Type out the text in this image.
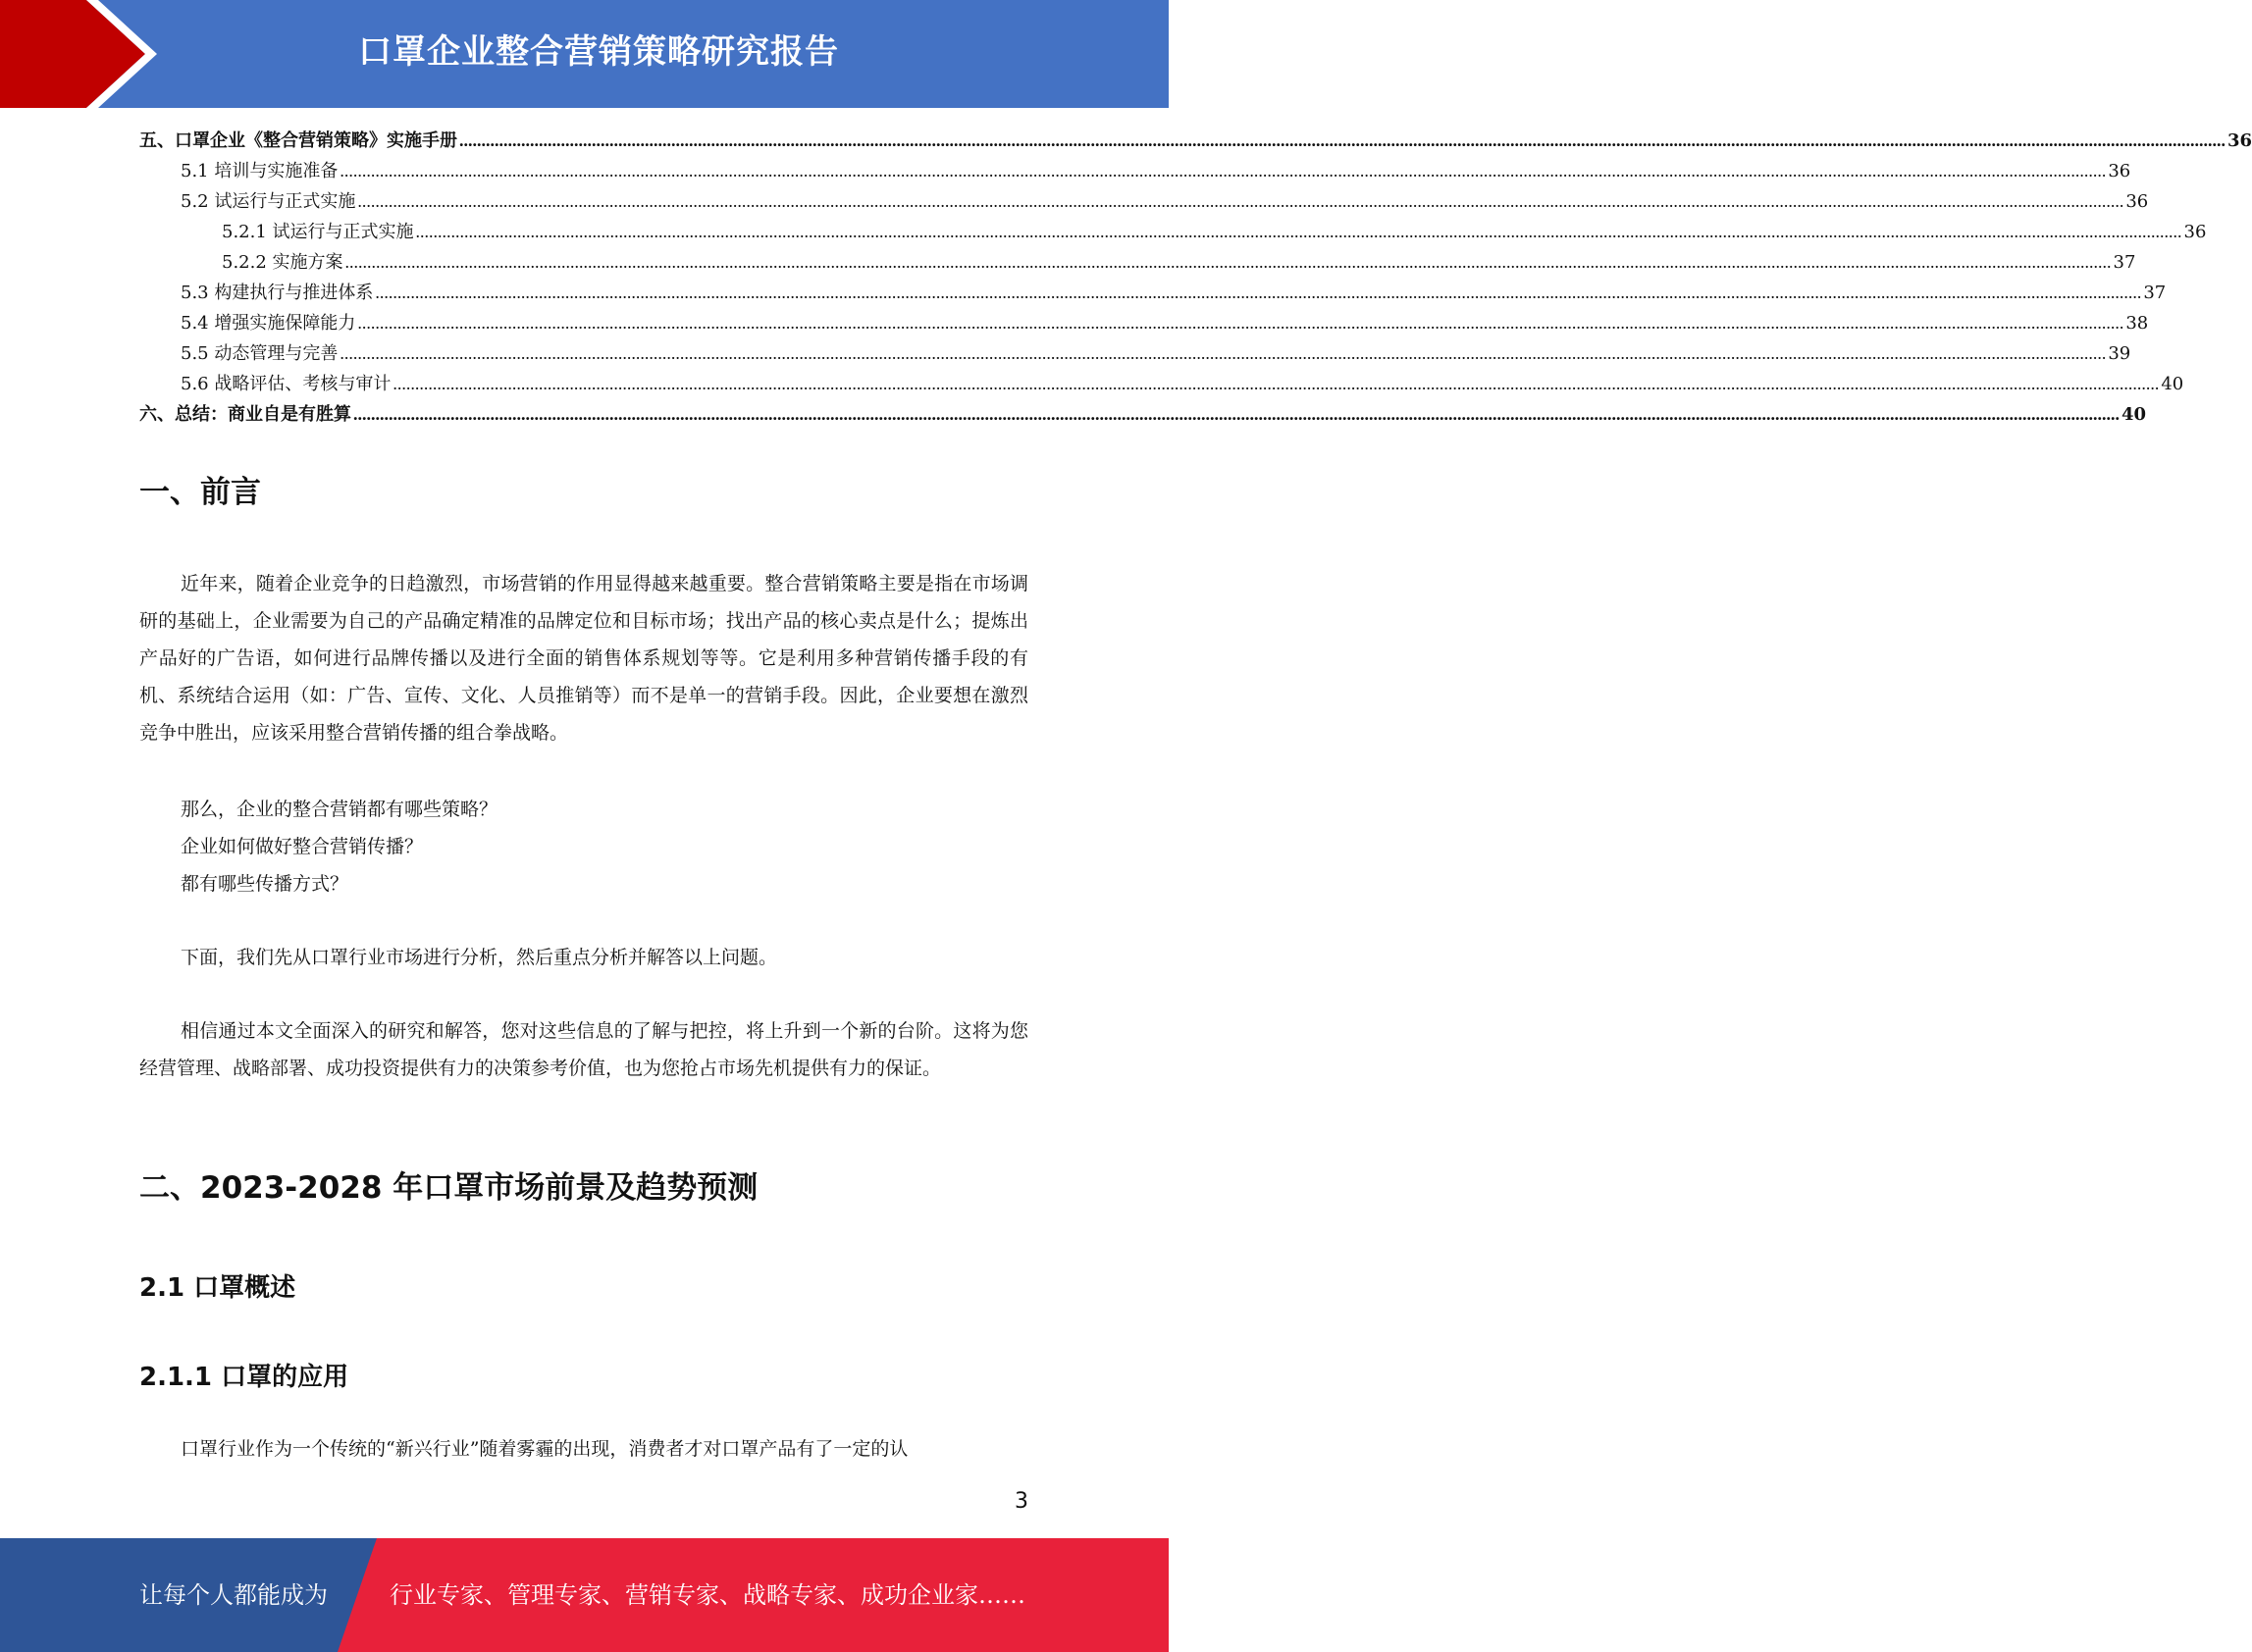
口罩企业整合营销策略研究报告
五、口罩企业《整合营销策略》实施手册 ................................................................................................................................................................................................................................................................................................................................................................................................................ 36
5.1 培训与实施准备 ................................................................................................................................................................................................................................................................................................................................................................................................................ 36
5.2 试运行与正式实施 ................................................................................................................................................................................................................................................................................................................................................................................................................ 36
5.2.1 试运行与正式实施 ................................................................................................................................................................................................................................................................................................................................................................................................................ 36
5.2.2 实施方案 ................................................................................................................................................................................................................................................................................................................................................................................................................ 37
5.3 构建执行与推进体系 ................................................................................................................................................................................................................................................................................................................................................................................................................ 37
5.4 增强实施保障能力 ................................................................................................................................................................................................................................................................................................................................................................................................................ 38
5.5 动态管理与完善 ................................................................................................................................................................................................................................................................................................................................................................................................................ 39
5.6 战略评估、考核与审计 ................................................................................................................................................................................................................................................................................................................................................................................................................ 40
六、总结：商业自是有胜算 ................................................................................................................................................................................................................................................................................................................................................................................................................ 40
一、前言

近年来，随着企业竞争的日趋激烈，市场营销的作用显得越来越重要。整合营销策略主要是指在市场调研的基础上，企业需要为自己的产品确定精准的品牌定位和目标市场；找出产品的核心卖点是什么；提炼出产品好的广告语，如何进行品牌传播以及进行全面的销售体系规划等等。它是利用多种营销传播手段的有机、系统结合运用（如：广告、宣传、文化、人员推销等）而不是单一的营销手段。因此，企业要想在激烈竞争中胜出，应该采用整合营销传播的组合拳战略。

那么，企业的整合营销都有哪些策略？
企业如何做好整合营销传播？
都有哪些传播方式？
下面，我们先从口罩行业市场进行分析，然后重点分析并解答以上问题。

相信通过本文全面深入的研究和解答，您对这些信息的了解与把控，将上升到一个新的台阶。这将为您经营管理、战略部署、成功投资提供有力的决策参考价值，也为您抢占市场先机提供有力的保证。

二、2023-2028 年口罩市场前景及趋势预测
2.1 口罩概述
2.1.1 口罩的应用
口罩行业作为一个传统的“新兴行业”随着雾霾的出现，消费者才对口罩产品有了一定的认
3
让每个人都能成为	行业专家、管理专家、营销专家、战略专家、成功企业家……
